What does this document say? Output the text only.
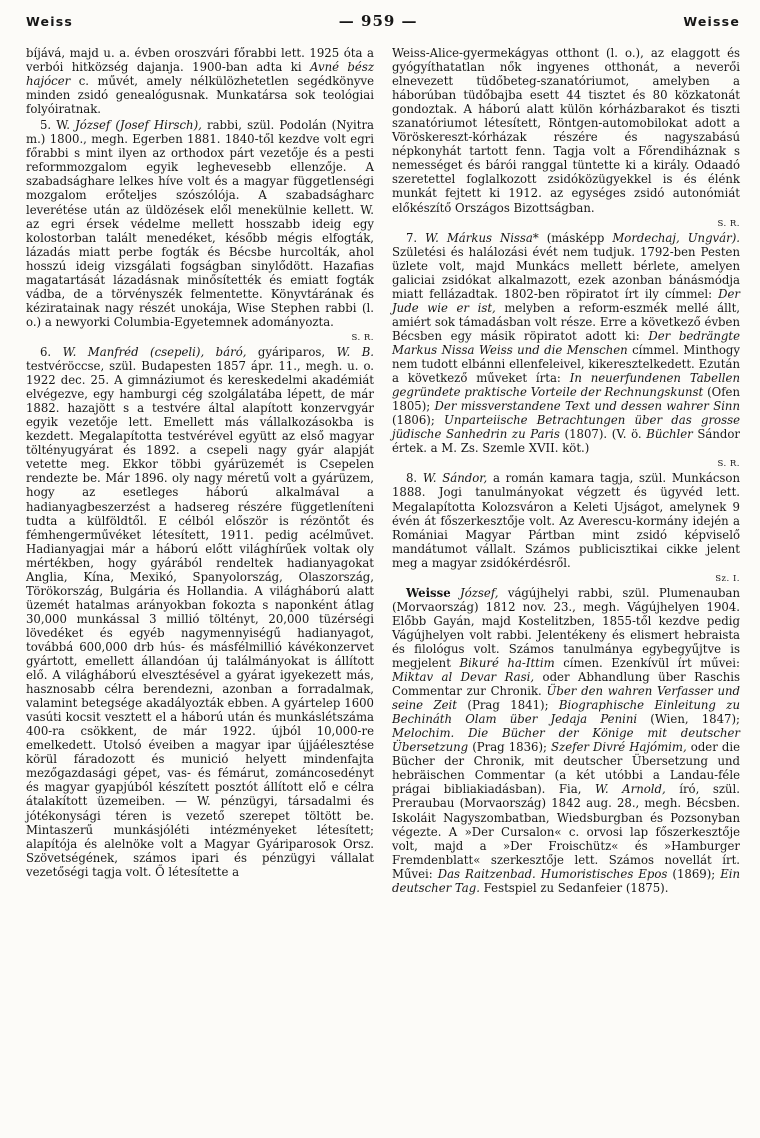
Weiss	— 959 —	Weisse

bíjává, majd u. a. évben oroszvári főrabbi lett. 1925 óta a verbói hitközség dajanja. 1900-ban adta ki Avné bész hajócer c. művét, amely nélkülözhetetlen segédkönyve minden zsidó genealógusnak. Munkatársa sok teológiai folyóiratnak.

5. W. József (Josef Hirsch), rabbi, szül. Podolán (Nyitra m.) 1800., megh. Egerben 1881. 1840-től kezdve volt egri főrabbi s mint ilyen az orthodox párt vezetője és a pesti reformmozgalom egyik leghevesebb ellenzője. A szabadsághare lelkes híve volt és a magyar függetlenségi mozgalom erőteljes szószólója. A szabadságharc leverétése után az üldözések elől menekülnie kellett. W. az egri érsek védelme mellett hosszabb ideig egy kolostorban talált menedéket, később mégis elfogták, lázadás miatt perbe fogták és Bécsbe hurcolták, ahol hosszú ideig vizsgálati fogságban sinylődött. Hazafias magatartását lázadásnak minősítették és emiatt fogták vádba, de a törvényszék felmentette. Könyvtárának és kéziratainak nagy részét unokája, Wise Stephen rabbi (l. o.) a newyorki Columbia-Egyetemnek adományozta.

S. R.

6. W. Manfréd (csepeli), báró, gyáriparos, W. B. testvéröccse, szül. Budapesten 1857 ápr. 11., megh. u. o. 1922 dec. 25. A gimnáziumot és kereskedelmi akadémiát elvégezve, egy hamburgi cég szolgálatába lépett, de már 1882. hazajött s a testvére által alapított konzervgyár egyik vezetője lett. Emellett más vállalkozásokba is kezdett. Megalapította testvérével együtt az első magyar töltényugyárat és 1892. a csepeli nagy gyár alapját vetette meg. Ekkor többi gyárüzemét is Csepelen rendezte be. Már 1896. oly nagy méretű volt a gyárüzem, hogy az esetleges háború alkalmával a hadianyagbeszerzést a hadsereg részére függetleníteni tudta a külföldtől. E célból először is rézöntőt és fémhengerművéket létesített, 1911. pedig acélművet. Hadianyagjai már a háború előtt világhírűek voltak oly mértékben, hogy gyárából rendeltek hadianyagokat Anglia, Kína, Mexikó, Spanyolország, Olaszország, Törökország, Bulgária és Hollandia. A világháború alatt üzemét hatalmas arányokban fokozta s naponként átlag 30,000 munkással 3 millió töltényt, 20,000 tüzérségi lövedéket és egyéb nagymennyiségű hadianyagot, továbbá 600,000 drb hús- és másfélmillió kávékonzervet gyártott, emellett állandóan új találmányokat is állított elő. A világháború elvesztésével a gyárat igyekezett más, hasznosabb célra berendezni, azonban a forradalmak, valamint betegsége akadályozták ebben. A gyártelep 1600 vasúti kocsit vesztett el a háború után és munkáslétszáma 400-ra csökkent, de már 1922. újból 10,000-re emelkedett. Utolsó éveiben a magyar ipar újjáélesztése körül fáradozott és munició helyett mindenfajta mezőgazdasági gépet, vas- és fémárut, zománcosedényt és magyar gyapjúból készített posztót állított elő e célra átalakított üzemeiben. — W. pénzügyi, társadalmi és jótékonysági téren is vezető szerepet töltött be. Mintaszerű munkásjóléti intézményeket létesített; alapítója és alelnöke volt a Magyar Gyáriparosok Orsz. Szövetségének, számos ipari és pénzügyi vállalat vezetőségi tagja volt. Ő létesítette a

Weiss-Alice-gyermekágyas otthont (l. o.), az elaggott és gyógyíthatatlan nők ingyenes otthonát, a neverői elnevezett tüdőbeteg-szanatóriumot, amelyben a háborúban tüdőbajba esett 44 tisztet és 80 közkatonát gondoztak. A háború alatt külön kórházbarakot és tiszti szanatóriumot létesített, Röntgen-automobilokat adott a Vöröskereszt-kórházak részére és nagyszabású népkonyhát tartott fenn. Tagja volt a Főrendiháznak s nemességet és bárói ranggal tüntette ki a király. Odaadó szeretettel foglalkozott zsidóközügyekkel is és élénk munkát fejtett ki 1912. az egységes zsidó autonómiát előkészítő Országos Bizottságban.

S. R.

7. W. Márkus Nissa* (másképp Mordechaj, Ungvár). Születési és halálozási évét nem tudjuk. 1792-ben Pesten üzlete volt, majd Munkács mellett bérlete, amelyen galiciai zsidókat alkalmazott, ezek azonban bánásmódja miatt fellázadtak. 1802-ben röpiratot írt ily címmel: Der Jude wie er ist, melyben a reform-eszmék mellé állt, amiért sok támadásban volt része. Erre a következő évben Bécsben egy másik röpiratot adott ki: Der bedrängte Markus Nissa Weiss und die Menschen címmel. Minthogy nem tudott elbánni ellenfeleivel, kikeresztelkedett. Ezután a következő műveket írta: In neuerfundenen Tabellen gegründete praktische Vorteile der Rechnungskunst (Ofen 1805); Der missverstandene Text und dessen wahrer Sinn (1806); Unparteiische Betrachtungen über das grosse jüdische Sanhedrin zu Paris (1807). (V. ö. Büchler Sándor értek. a M. Zs. Szemle XVII. köt.)

S. R.

8. W. Sándor, a román kamara tagja, szül. Munkácson 1888. Jogi tanulmányokat végzett és ügyvéd lett. Megalapította Kolozsváron a Keleti Ujságot, amelynek 9 évén át főszerkesztője volt. Az Averescu-kormány idején a Romániai Magyar Pártban mint zsidó képviselő mandátumot vállalt. Számos publicisztikai cikke jelent meg a magyar zsidókérdésről.

Sz. I.

Weisse József, vágújhelyi rabbi, szül. Plumenauban (Morvaország) 1812 nov. 23., megh. Vágújhelyen 1904. Előbb Gayán, majd Kostelitzben, 1855-től kezdve pedig Vágújhelyen volt rabbi. Jelentékeny és elismert hebraista és filológus volt. Számos tanulmánya egybegyűjtve is megjelent Bikuré ha-Ittim címen. Ezenkívül írt művei: Miktav al Devar Rasi, oder Abhandlung über Raschis Commentar zur Chronik. Über den wahren Verfasser und seine Zeit (Prag 1841); Biographische Einleitung zu Bechináth Olam über Jedaja Penini (Wien, 1847); Melochim. Die Bücher der Könige mit deutscher Übersetzung (Prag 1836); Szefer Divré Hajómim, oder die Bücher der Chronik, mit deutscher Übersetzung und hebräischen Commentar (a két utóbbi a Landau-féle prágai bibliakiadásban). Fia, W. Arnold, író, szül. Preraubau (Morvaország) 1842 aug. 28., megh. Bécsben. Iskoláit Nagyszombatban, Wiedsburgban és Pozsonyban végezte. A »Der Cursalon« c. orvosi lap főszerkesztője volt, majd a »Der Froischütz« és »Hamburger Fremdenblatt« szerkesztője lett. Számos novellát írt. Művei: Das Raitzenbad. Humoristisches Epos (1869); Ein deutscher Tag. Festspiel zu Sedanfeier (1875).
